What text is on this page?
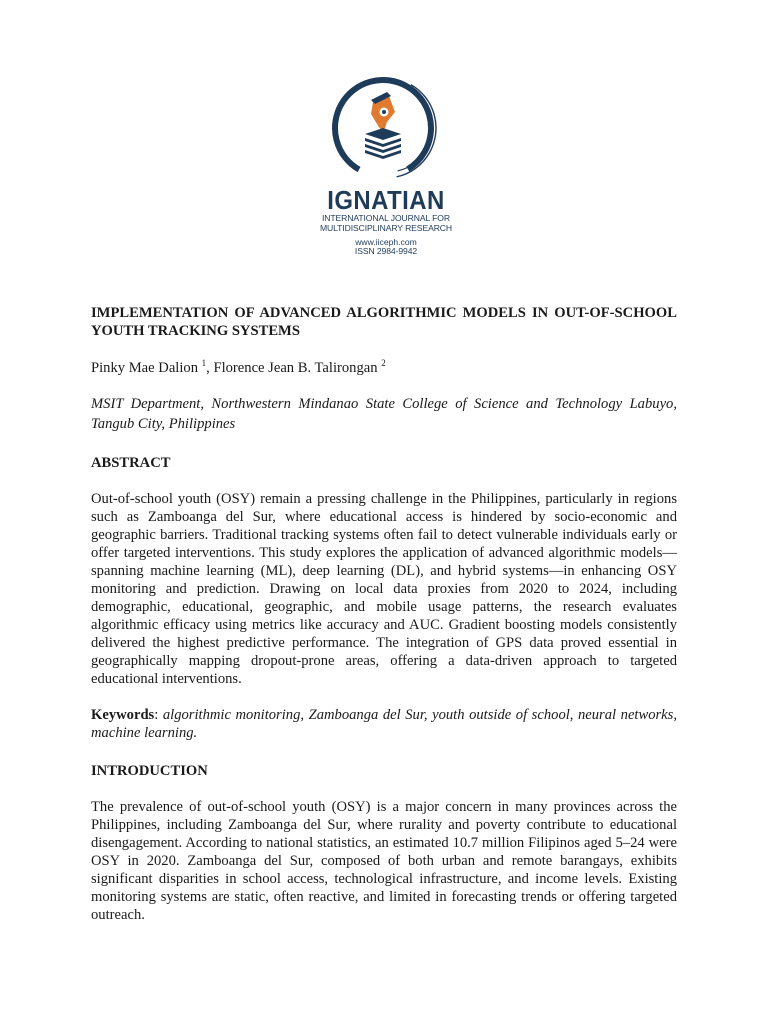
IGNATIAN
INTERNATIONAL JOURNAL FOR
MULTIDISCIPLINARY RESEARCH
www.iiceph.com
ISSN 2984-9942

IMPLEMENTATION OF ADVANCED ALGORITHMIC MODELS IN OUT-OF-SCHOOL YOUTH TRACKING SYSTEMS

Pinky Mae Dalion $^1$, Florence Jean B. Talirongan $^2$
MSIT Department, Northwestern Mindanao State College of Science and Technology Labuyo, Tangub City, Philippines
ABSTRACT
Out-of-school youth (OSY) remain a pressing challenge in the Philippines, particularly in regions such as Zamboanga del Sur, where educational access is hindered by socio-economic and geographic barriers. Traditional tracking systems often fail to detect vulnerable individuals early or offer targeted interventions. This study explores the application of advanced algorithmic models—spanning machine learning (ML), deep learning (DL), and hybrid systems—in enhancing OSY monitoring and prediction. Drawing on local data proxies from 2020 to 2024, including demographic, educational, geographic, and mobile usage patterns, the research evaluates algorithmic efficacy using metrics like accuracy and AUC. Gradient boosting models consistently delivered the highest predictive performance. The integration of GPS data proved essential in geographically mapping dropout-prone areas, offering a data-driven approach to targeted educational interventions.
Keywords: algorithmic monitoring, Zamboanga del Sur, youth outside of school, neural networks, machine learning.
INTRODUCTION
The prevalence of out-of-school youth (OSY) is a major concern in many provinces across the Philippines, including Zamboanga del Sur, where rurality and poverty contribute to educational disengagement. According to national statistics, an estimated 10.7 million Filipinos aged 5–24 were OSY in 2020. Zamboanga del Sur, composed of both urban and remote barangays, exhibits significant disparities in school access, technological infrastructure, and income levels. Existing monitoring systems are static, often reactive, and limited in forecasting trends or offering targeted outreach.
